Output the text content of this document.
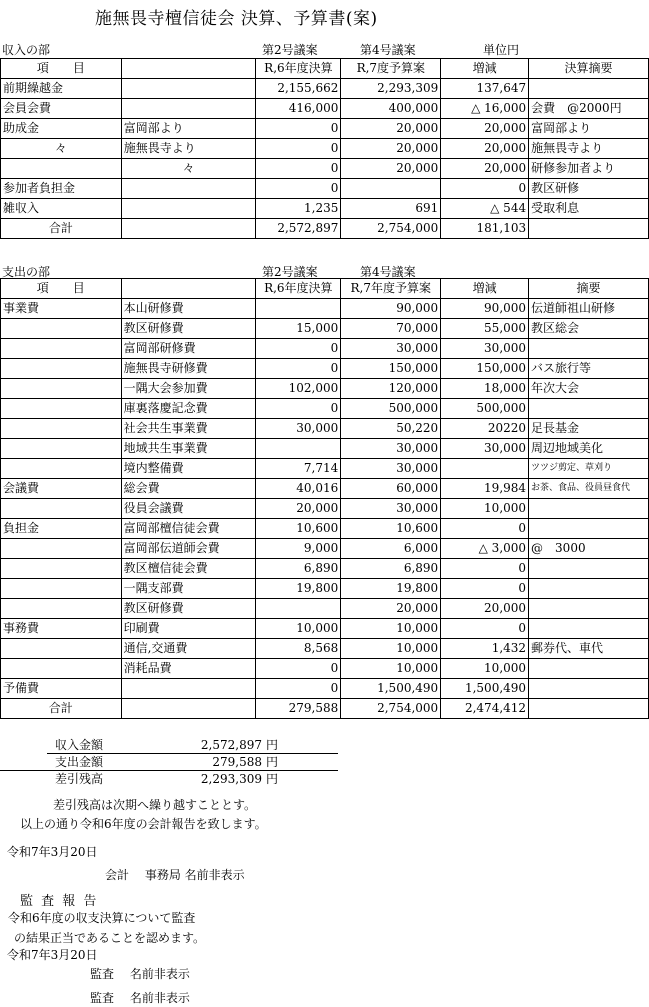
施無畏寺檀信徒会 決算、予算書(案)
収入の部	第2号議案	第4号議案	単位円
項　　目		R,6年度決算	R,7度予算案	増減	決算摘要
前期繰越金		2,155,662	2,293,309	137,647	
会員会費		416,000	400,000	△ 16,000	会費　@2000円
助成金	富岡部より	0	20,000	20,000	富岡部より
々	施無畏寺より	0	20,000	20,000	施無畏寺より
	々	0	20,000	20,000	研修参加者より
参加者負担金		0		0	教区研修
雑収入		1,235	691	△ 544	受取利息
合計		2,572,897	2,754,000	181,103	
支出の部	第2号議案	第4号議案
項　　目		R,6年度決算	R,7年度予算案	増減	摘要
事業費	本山研修費		90,000	90,000	伝道師祖山研修
	教区研修費	15,000	70,000	55,000	教区総会
	富岡部研修費	0	30,000	30,000	
	施無畏寺研修費	0	150,000	150,000	バス旅行等
	一隅大会参加費	102,000	120,000	18,000	年次大会
	庫裏落慶記念費	0	500,000	500,000	
	社会共生事業費	30,000	50,220	20220	足長基金
	地域共生事業費		30,000	30,000	周辺地域美化
	境内整備費	7,714	30,000		ツツジ剪定、草刈り
会議費	総会費	40,016	60,000	19,984	お茶、食品、役員昼食代
	役員会議費	20,000	30,000	10,000	
負担金	富岡部檀信徒会費	10,600	10,600	0	
	富岡部伝道師会費	9,000	6,000	△ 3,000	@　3000
	教区檀信徒会費	6,890	6,890	0	
	一隅支部費	19,800	19,800	0	
	教区研修費		20,000	20,000	
事務費	印刷費	10,000	10,000	0	
	通信,交通費	8,568	10,000	1,432	郵券代、車代
	消耗品費	0	10,000	10,000	
予備費		0	1,500,490	1,500,490	
合計		279,588	2,754,000	2,474,412	
収入金額	2,572,897	円
支出金額	279,588	円
差引残高	2,293,309	円
差引残高は次期へ繰り越すこととす。
以上の通り令和6年度の会計報告を致します。
令和7年3月20日
会計　 事務局 名前非表示
監 査 報 告
令和6年度の収支決算について監査
の結果正当であることを認めます。
令和7年3月20日
監査　 名前非表示
監査　 名前非表示
